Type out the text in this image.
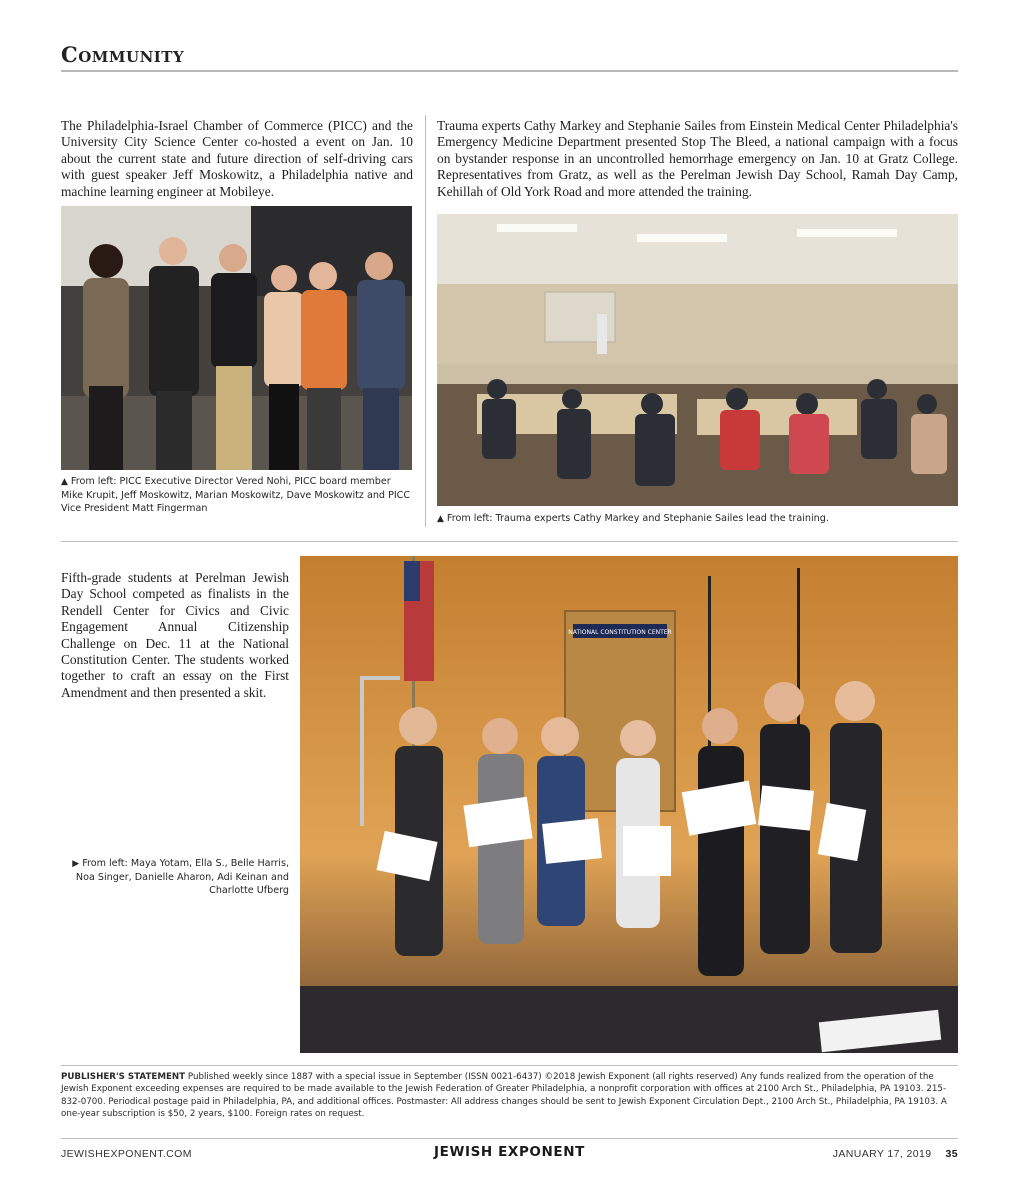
Community

The Philadelphia-Israel Chamber of Commerce (PICC) and the University City Science Center co-hosted a event on Jan. 10 about the current state and future direction of self-driving cars with guest speaker Jeff Moskowitz, a Philadelphia native and machine learning engineer at Mobileye.

▲ From left: PICC Executive Director Vered Nohi, PICC board member Mike Krupit, Jeff Moskowitz, Marian Moskowitz, Dave Moskowitz and PICC Vice President Matt Fingerman

Trauma experts Cathy Markey and Stephanie Sailes from Einstein Medical Center Philadelphia's Emergency Medicine Department presented Stop The Bleed, a national campaign with a focus on bystander response in an uncontrolled hemorrhage emergency on Jan. 10 at Gratz College. Representatives from Gratz, as well as the Perelman Jewish Day School, Ramah Day Camp, Kehillah of Old York Road and more attended the training.

▲ From left: Trauma experts Cathy Markey and Stephanie Sailes lead the training.

Fifth-grade students at Perelman Jewish Day School competed as finalists in the Rendell Center for Civics and Civic Engagement Annual Citizenship Challenge on Dec. 11 at the National Constitution Center. The students worked together to craft an essay on the First Amendment and then presented a skit.

▶ From left: Maya Yotam, Ella S., Belle Harris, Noa Singer, Danielle Aharon, Adi Keinan and Charlotte Ufberg
NATIONAL CONSTITUTION CENTER
PUBLISHER'S STATEMENT Published weekly since 1887 with a special issue in September (ISSN 0021-6437) ©2018 Jewish Exponent (all rights reserved) Any funds realized from the operation of the Jewish Exponent exceeding expenses are required to be made available to the Jewish Federation of Greater Philadelphia, a nonprofit corporation with offices at 2100 Arch St., Philadelphia, PA 19103. 215-832-0700. Periodical postage paid in Philadelphia, PA, and additional offices. Postmaster: All address changes should be sent to Jewish Exponent Circulation Dept., 2100 Arch St., Philadelphia, PA 19103. A one-year subscription is $50, 2 years, $100. Foreign rates on request.
JEWISHEXPONENT.COM	JEWISH EXPONENT	JANUARY 17, 2019 35
